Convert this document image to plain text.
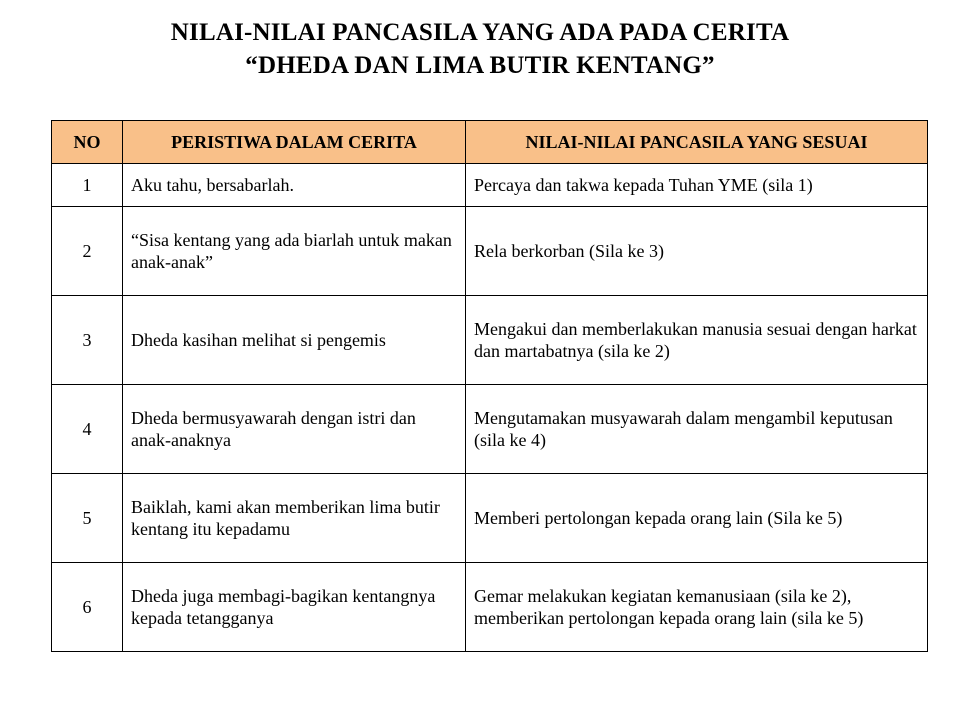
NILAI-NILAI PANCASILA YANG ADA PADA CERITA
“DHEDA DAN LIMA BUTIR KENTANG”
NO	PERISTIWA DALAM CERITA	NILAI-NILAI PANCASILA YANG SESUAI
1	Aku tahu, bersabarlah.	Percaya dan takwa kepada Tuhan YME (sila 1)
2	“Sisa kentang yang ada biarlah untuk makan anak-anak”	Rela berkorban (Sila ke 3)
3	Dheda kasihan melihat si pengemis	Mengakui dan memberlakukan manusia sesuai dengan harkat dan martabatnya (sila ke 2)
4	Dheda bermusyawarah dengan istri dan anak-anaknya	Mengutamakan musyawarah dalam mengambil keputusan (sila ke 4)
5	Baiklah, kami akan memberikan lima butir kentang itu kepadamu	Memberi pertolongan kepada orang lain (Sila ke 5)
6	Dheda juga membagi-bagikan kentangnya kepada tetangganya	Gemar melakukan kegiatan kemanusiaan (sila ke 2), memberikan pertolongan kepada orang lain (sila ke 5)
